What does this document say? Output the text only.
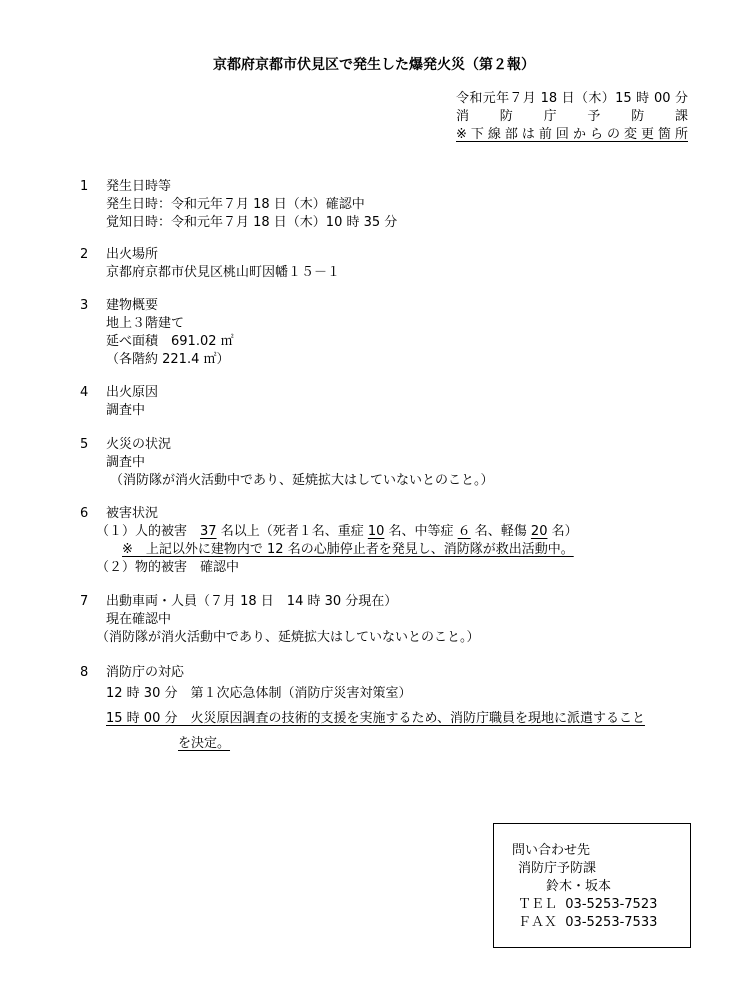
京都府京都市伏見区で発生した爆発火災（第２報）
令和元年７月 18 日（木）15 時 00 分
消防庁予防課
※下線部は前回からの変更箇所
1 発生日時等
発生日時：令和元年７月 18 日（木）確認中
覚知日時：令和元年７月 18 日（木）10 時 35 分
2 出火場所
京都府京都市伏見区桃山町因幡１５－１
3 建物概要
地上３階建て
延べ面積　691.02 ㎡
（各階約 221.4 ㎡）
4 出火原因
調査中
5 火災の状況
調査中
（消防隊が消火活動中であり、延焼拡大はしていないとのこと。）
6 被害状況
（１）人的被害　37 名以上（死者１名、重症 10 名、中等症 ６ 名、軽傷 20 名）
※　上記以外に建物内で 12 名の心肺停止者を発見し、消防隊が救出活動中。
（２）物的被害　確認中
7 出動車両・人員（７月 18 日　14 時 30 分現在）
現在確認中
（消防隊が消火活動中であり、延焼拡大はしていないとのこと。）
8 消防庁の対応
12 時 30 分　第１次応急体制（消防庁災害対策室）
15 時 00 分　火災原因調査の技術的支援を実施するため、消防庁職員を現地に派遣すること
を決定。
問い合わせ先
消防庁予防課
鈴木・坂本
ＴＥＬ 03-5253-7523
ＦＡＸ 03-5253-7533
